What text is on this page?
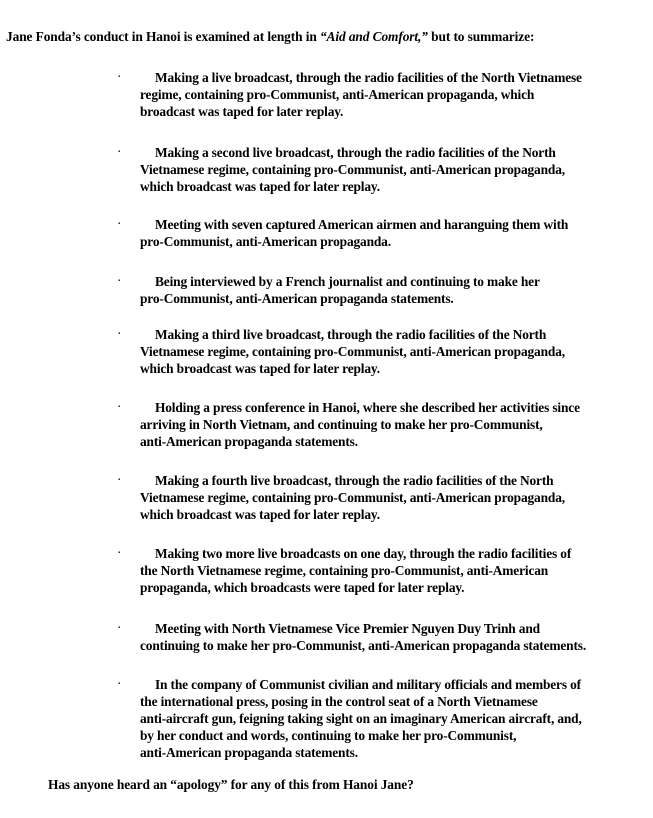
Jane Fonda’s conduct in Hanoi is examined at length in “Aid and Comfort,” but to summarize:
·	Making a live broadcast, through the radio facilities of the North Vietnamese
regime, containing pro-Communist, anti-American propaganda, which
broadcast was taped for later replay.
·	Making a second live broadcast, through the radio facilities of the North
Vietnamese regime, containing pro-Communist, anti-American propaganda,
which broadcast was taped for later replay.
·	Meeting with seven captured American airmen and haranguing them with
pro-Communist, anti-American propaganda.
·	Being interviewed by a French journalist and continuing to make her
pro-Communist, anti-American propaganda statements.
·	Making a third live broadcast, through the radio facilities of the North
Vietnamese regime, containing pro-Communist, anti-American propaganda,
which broadcast was taped for later replay.
·	Holding a press conference in Hanoi, where she described her activities since
arriving in North Vietnam, and continuing to make her pro-Communist,
anti-American propaganda statements.
·	Making a fourth live broadcast, through the radio facilities of the North
Vietnamese regime, containing pro-Communist, anti-American propaganda,
which broadcast was taped for later replay.
·	Making two more live broadcasts on one day, through the radio facilities of
the North Vietnamese regime, containing pro-Communist, anti-American
propaganda, which broadcasts were taped for later replay.
·	Meeting with North Vietnamese Vice Premier Nguyen Duy Trinh and
continuing to make her pro-Communist, anti-American propaganda statements.
·	In the company of Communist civilian and military officials and members of
the international press, posing in the control seat of a North Vietnamese
anti-aircraft gun, feigning taking sight on an imaginary American aircraft, and,
by her conduct and words, continuing to make her pro-Communist,
anti-American propaganda statements.
Has anyone heard an “apology” for any of this from Hanoi Jane?
